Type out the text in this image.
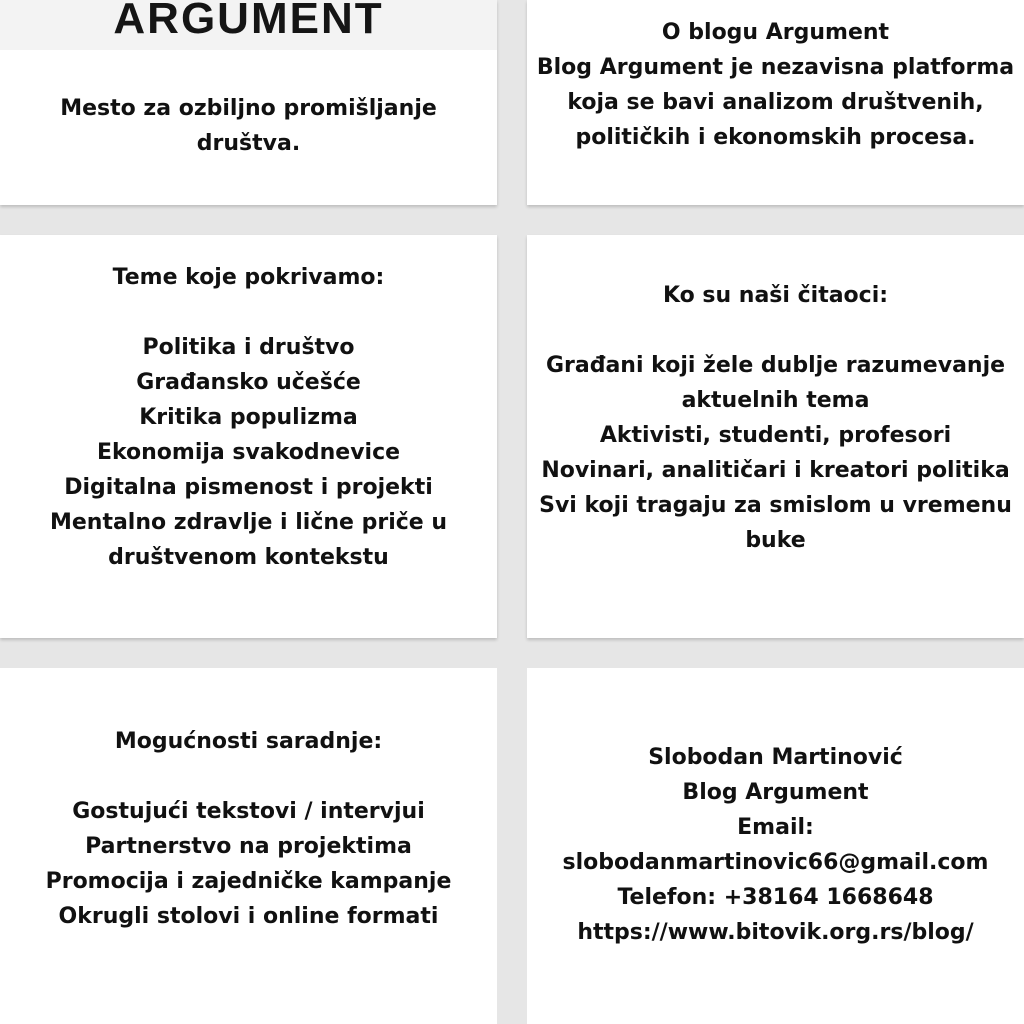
ARGUMENT
Mesto za ozbiljno promišljanje
društva.
O blogu Argument
Blog Argument je nezavisna platforma
koja se bavi analizom društvenih,
političkih i ekonomskih procesa.
Teme koje pokrivamo:
Politika i društvo
Građansko učešće
Kritika populizma
Ekonomija svakodnevice
Digitalna pismenost i projekti
Mentalno zdravlje i lične priče u
društvenom kontekstu
Ko su naši čitaoci:
Građani koji žele dublje razumevanje
aktuelnih tema
Aktivisti, studenti, profesori
Novinari, analitičari i kreatori politika
Svi koji tragaju za smislom u vremenu
buke
Mogućnosti saradnje:
Gostujući tekstovi / intervjui
Partnerstvo na projektima
Promocija i zajedničke kampanje
Okrugli stolovi i online formati
Slobodan Martinović
Blog Argument
Email:
slobodanmartinovic66@gmail.com
Telefon: +38164 1668648
https://www.bitovik.org.rs/blog/
